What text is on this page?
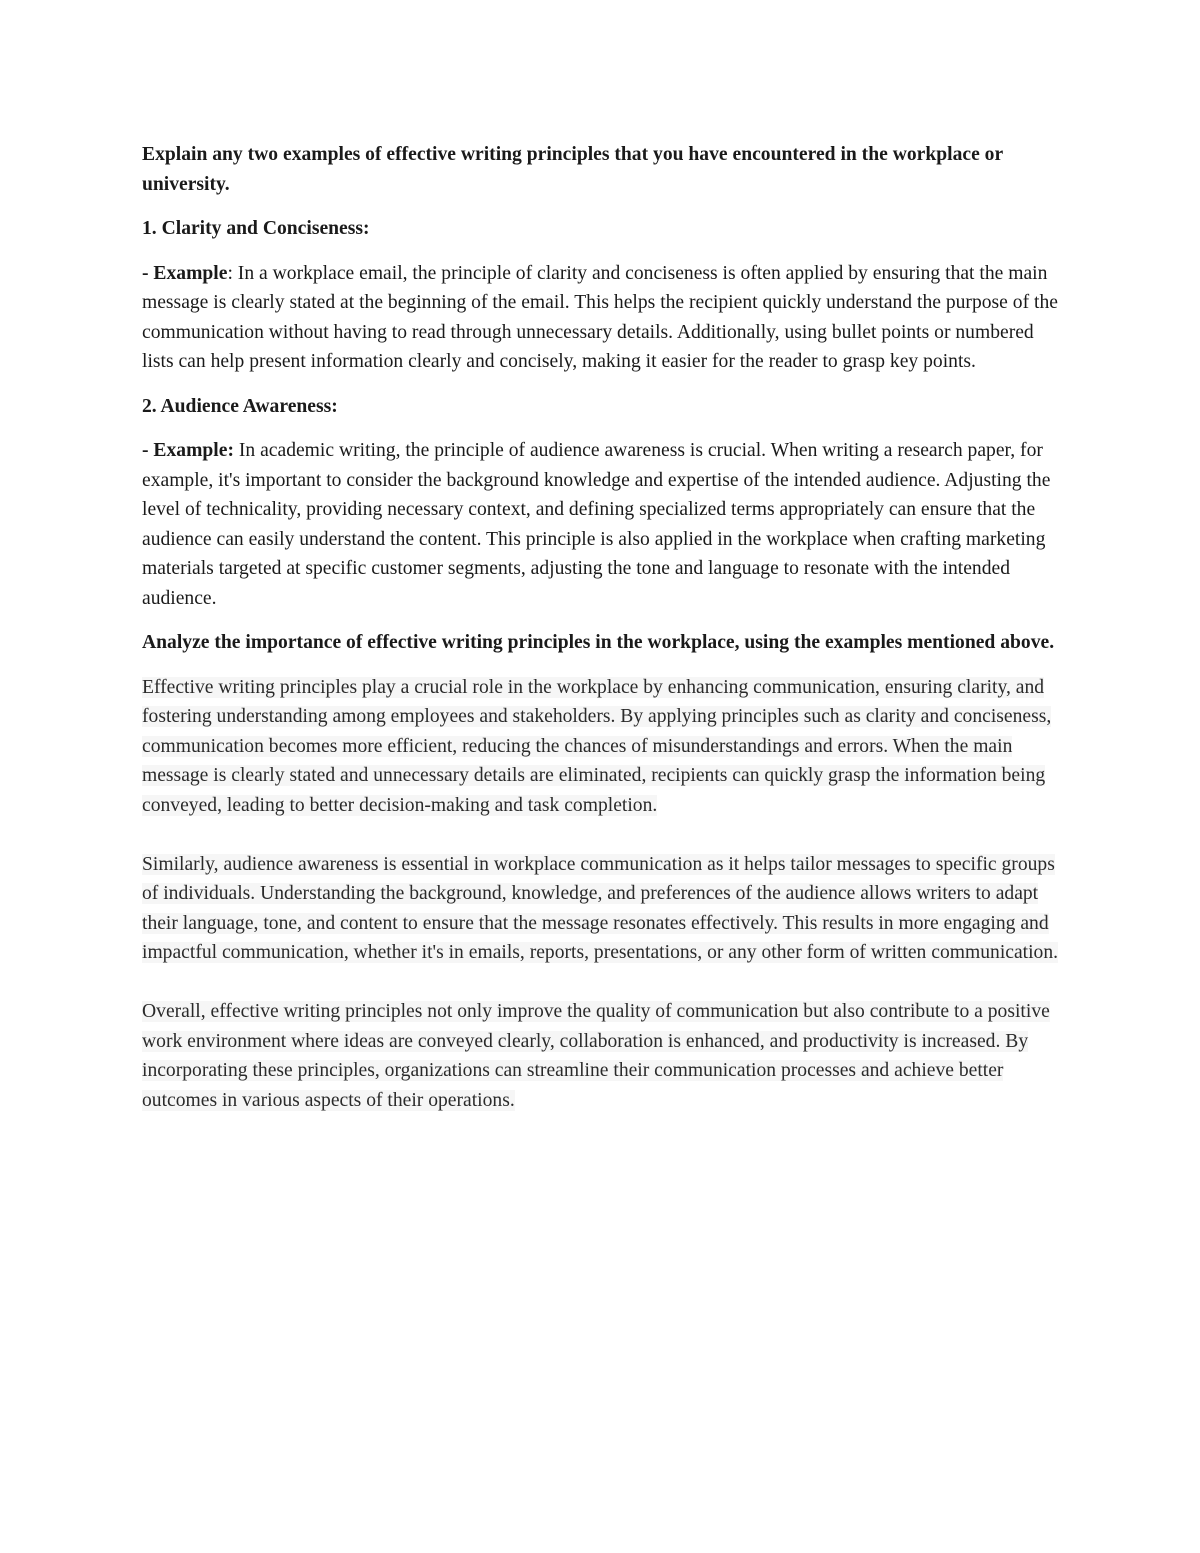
Explain any two examples of effective writing principles that you have encountered in the workplace or university.
1. Clarity and Conciseness:
- Example: In a workplace email, the principle of clarity and conciseness is often applied by ensuring that the main message is clearly stated at the beginning of the email. This helps the recipient quickly understand the purpose of the communication without having to read through unnecessary details. Additionally, using bullet points or numbered lists can help present information clearly and concisely, making it easier for the reader to grasp key points.
2. Audience Awareness:
- Example: In academic writing, the principle of audience awareness is crucial. When writing a research paper, for example, it's important to consider the background knowledge and expertise of the intended audience. Adjusting the level of technicality, providing necessary context, and defining specialized terms appropriately can ensure that the audience can easily understand the content. This principle is also applied in the workplace when crafting marketing materials targeted at specific customer segments, adjusting the tone and language to resonate with the intended audience.
Analyze the importance of effective writing principles in the workplace, using the examples mentioned above.

Effective writing principles play a crucial role in the workplace by enhancing communication, ensuring clarity, and fostering understanding among employees and stakeholders. By applying principles such as clarity and conciseness, communication becomes more efficient, reducing the chances of misunderstandings and errors. When the main message is clearly stated and unnecessary details are eliminated, recipients can quickly grasp the information being conveyed, leading to better decision-making and task completion.

Similarly, audience awareness is essential in workplace communication as it helps tailor messages to specific groups of individuals. Understanding the background, knowledge, and preferences of the audience allows writers to adapt their language, tone, and content to ensure that the message resonates effectively. This results in more engaging and impactful communication, whether it's in emails, reports, presentations, or any other form of written communication.

Overall, effective writing principles not only improve the quality of communication but also contribute to a positive work environment where ideas are conveyed clearly, collaboration is enhanced, and productivity is increased. By incorporating these principles, organizations can streamline their communication processes and achieve better outcomes in various aspects of their operations.
